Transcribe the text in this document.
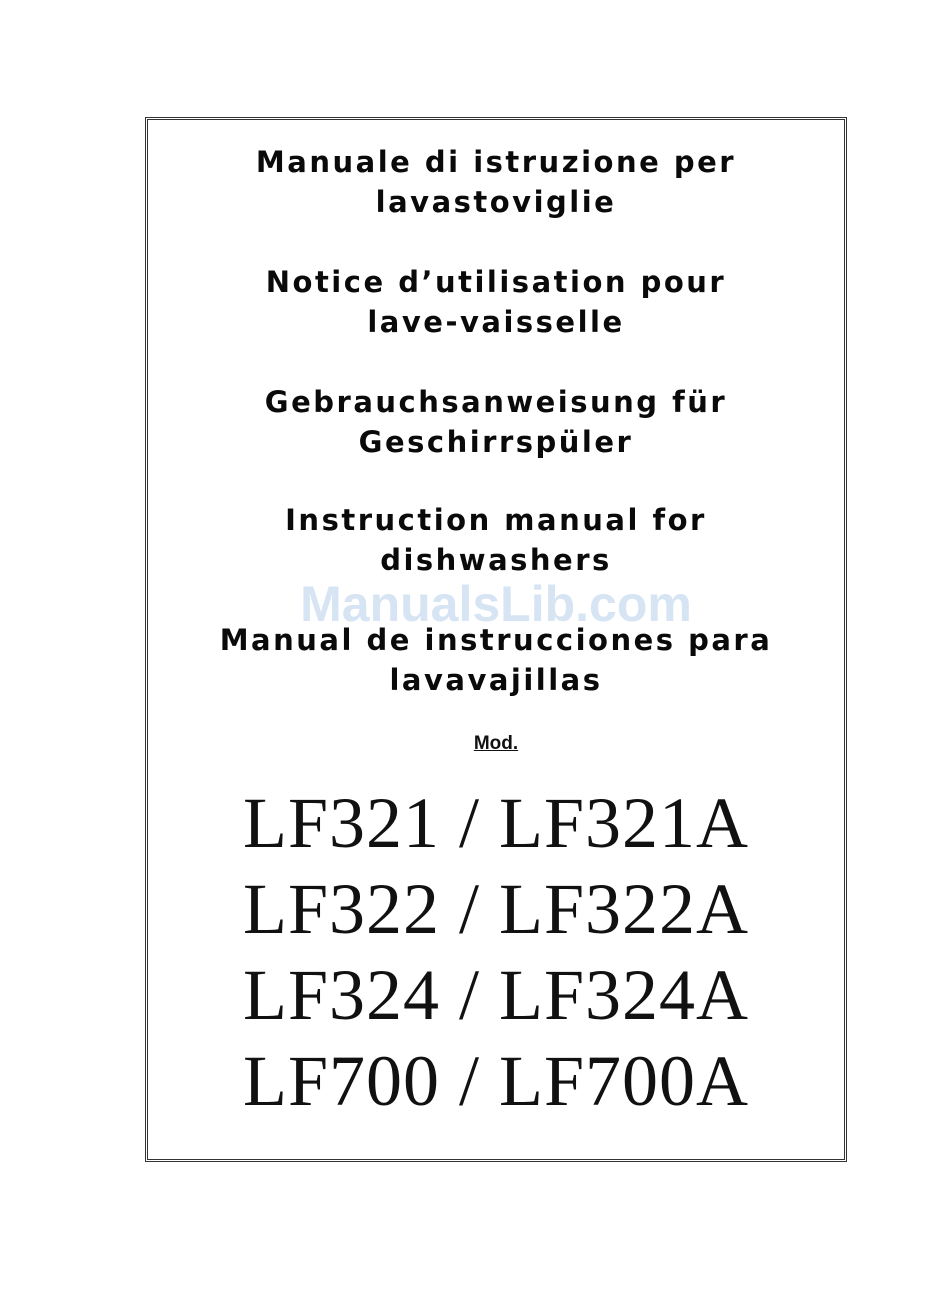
Manuale di istruzione per
lavastoviglie
Notice d’utilisation pour
lave-vaisselle
Gebrauchsanweisung für
Geschirrspüler
Instruction manual for
dishwashers
ManualsLib.com
Manual de instrucciones para
lavavajillas
Mod.
LF321 / LF321A
LF322 / LF322A
LF324 / LF324A
LF700 / LF700A
